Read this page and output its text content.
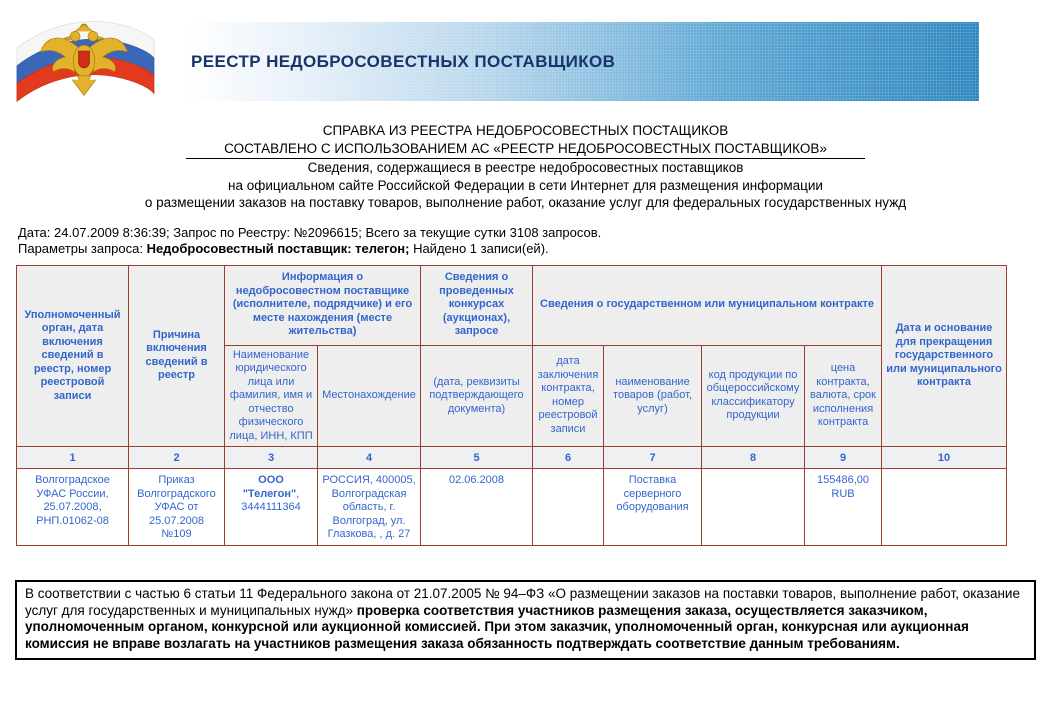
РЕЕСТР НЕДОБРОСОВЕСТНЫХ ПОСТАВЩИКОВ
СПРАВКА ИЗ РЕЕСТРА НЕДОБРОСОВЕСТНЫХ ПОСТАЩИКОВ
СОСТАВЛЕНО С ИСПОЛЬЗОВАНИЕМ АС «РЕЕСТР НЕДОБРОСОВЕСТНЫХ ПОСТАВЩИКОВ»
Сведения, содержащиеся в реестре недобросовестных поставщиков
на официальном сайте Российской Федерации в сети Интернет для размещения информации
о размещении заказов на поставку товаров, выполнение работ, оказание услуг для федеральных государственных нужд
Дата: 24.07.2009 8:36:39; Запрос по Реестру: №2096615; Всего за текущие сутки 3108 запросов.
Параметры запроса: Недобросовестный поставщик: телегон; Найдено 1 записи(ей).
Уполномоченный орган, дата включения сведений в реестр, номер реестровой записи	Причина включения сведений в реестр	Информация о недобросовестном поставщике (исполнителе, подрядчике) и его месте нахождения (месте жительства)		Сведения о проведенных конкурсах (аукционах), запросе	Сведения о государственном или муниципальном контракте				Дата и основание для прекращения государственного или муниципального контракта
		Наименование юридического лица или фамилия, имя и отчество физического лица, ИНН, КПП	Местонахождение	(дата, реквизиты подтверждающего документа)	дата заключения контракта, номер реестровой записи	наименование товаров (работ, услуг)	код продукции по общероссийскому классификатору продукции	цена контракта, валюта, срок исполнения контракта	
1	2	3	4	5	6	7	8	9	10
Волгоградское УФАС России, 25.07.2008, РНП.01062-08	Приказ Волгоградского УФАС от 25.07.2008 №109	ООО "Телегон", 3444111364	РОССИЯ, 400005, Волгоградская область, г. Волгоград, ул. Глазкова, , д. 27	02.06.2008		Поставка серверного оборудования		155486,00 RUB	
В соответствии с частью 6 статьи 11 Федерального закона от 21.07.2005 № 94–ФЗ «О размещении заказов на поставки товаров, выполнение работ, оказание услуг для государственных и муниципальных нужд» проверка соответствия участников размещения заказа, осуществляется заказчиком, уполномоченным органом, конкурсной или аукционной комиссией. При этом заказчик, уполномоченный орган, конкурсная или аукционная комиссия не вправе возлагать на участников размещения заказа обязанность подтверждать соответствие данным требованиям.
